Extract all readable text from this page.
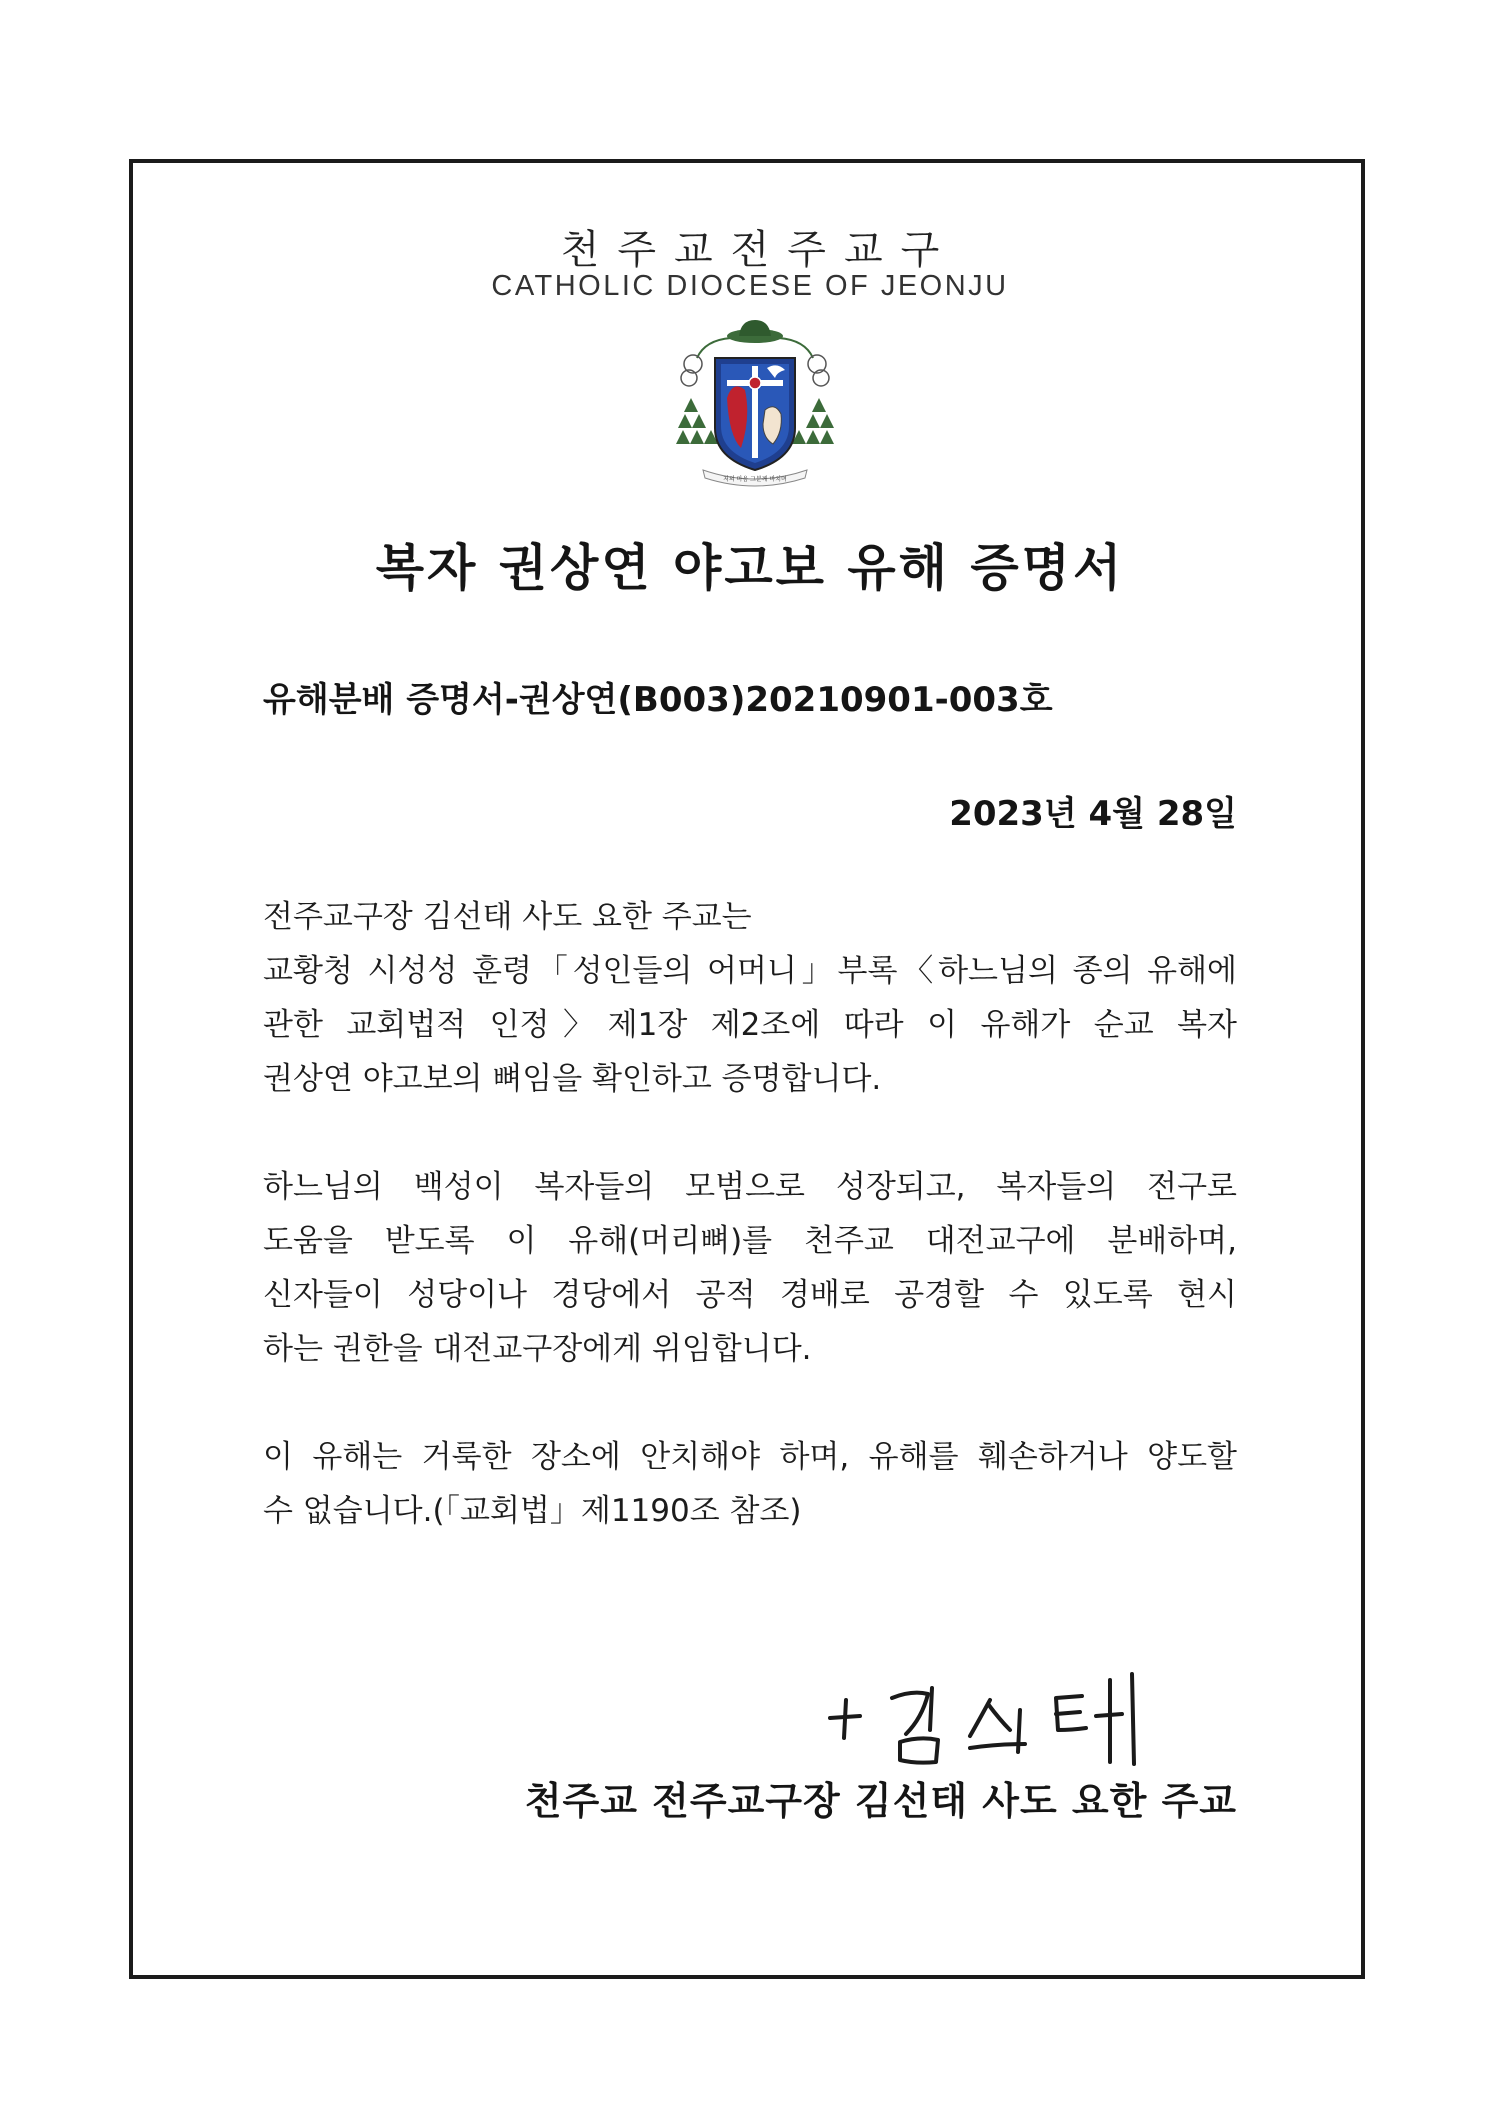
천주교전주교구
CATHOLIC DIOCESE OF JEONJU
저의 마음 그분께 바치며
복자 권상연 야고보 유해 증명서
유해분배 증명서-권상연(B003)20210901-003호
2023년 4월 28일
전주교구장 김선태 사도 요한 주교는
교황청 시성성 훈령「성인들의 어머니」부록〈하느님의 종의 유해에
관한 교회법적 인정〉제1장 제2조에 따라 이 유해가 순교 복자
권상연 야고보의 뼈임을 확인하고 증명합니다.
하느님의 백성이 복자들의 모범으로 성장되고, 복자들의 전구로
도움을 받도록 이 유해(머리뼈)를 천주교 대전교구에 분배하며,
신자들이 성당이나 경당에서 공적 경배로 공경할 수 있도록 현시
하는 권한을 대전교구장에게 위임합니다.
이 유해는 거룩한 장소에 안치해야 하며, 유해를 훼손하거나 양도할
수 없습니다.(「교회법」제1190조 참조)
천주교 전주교구장 김선태 사도 요한 주교
